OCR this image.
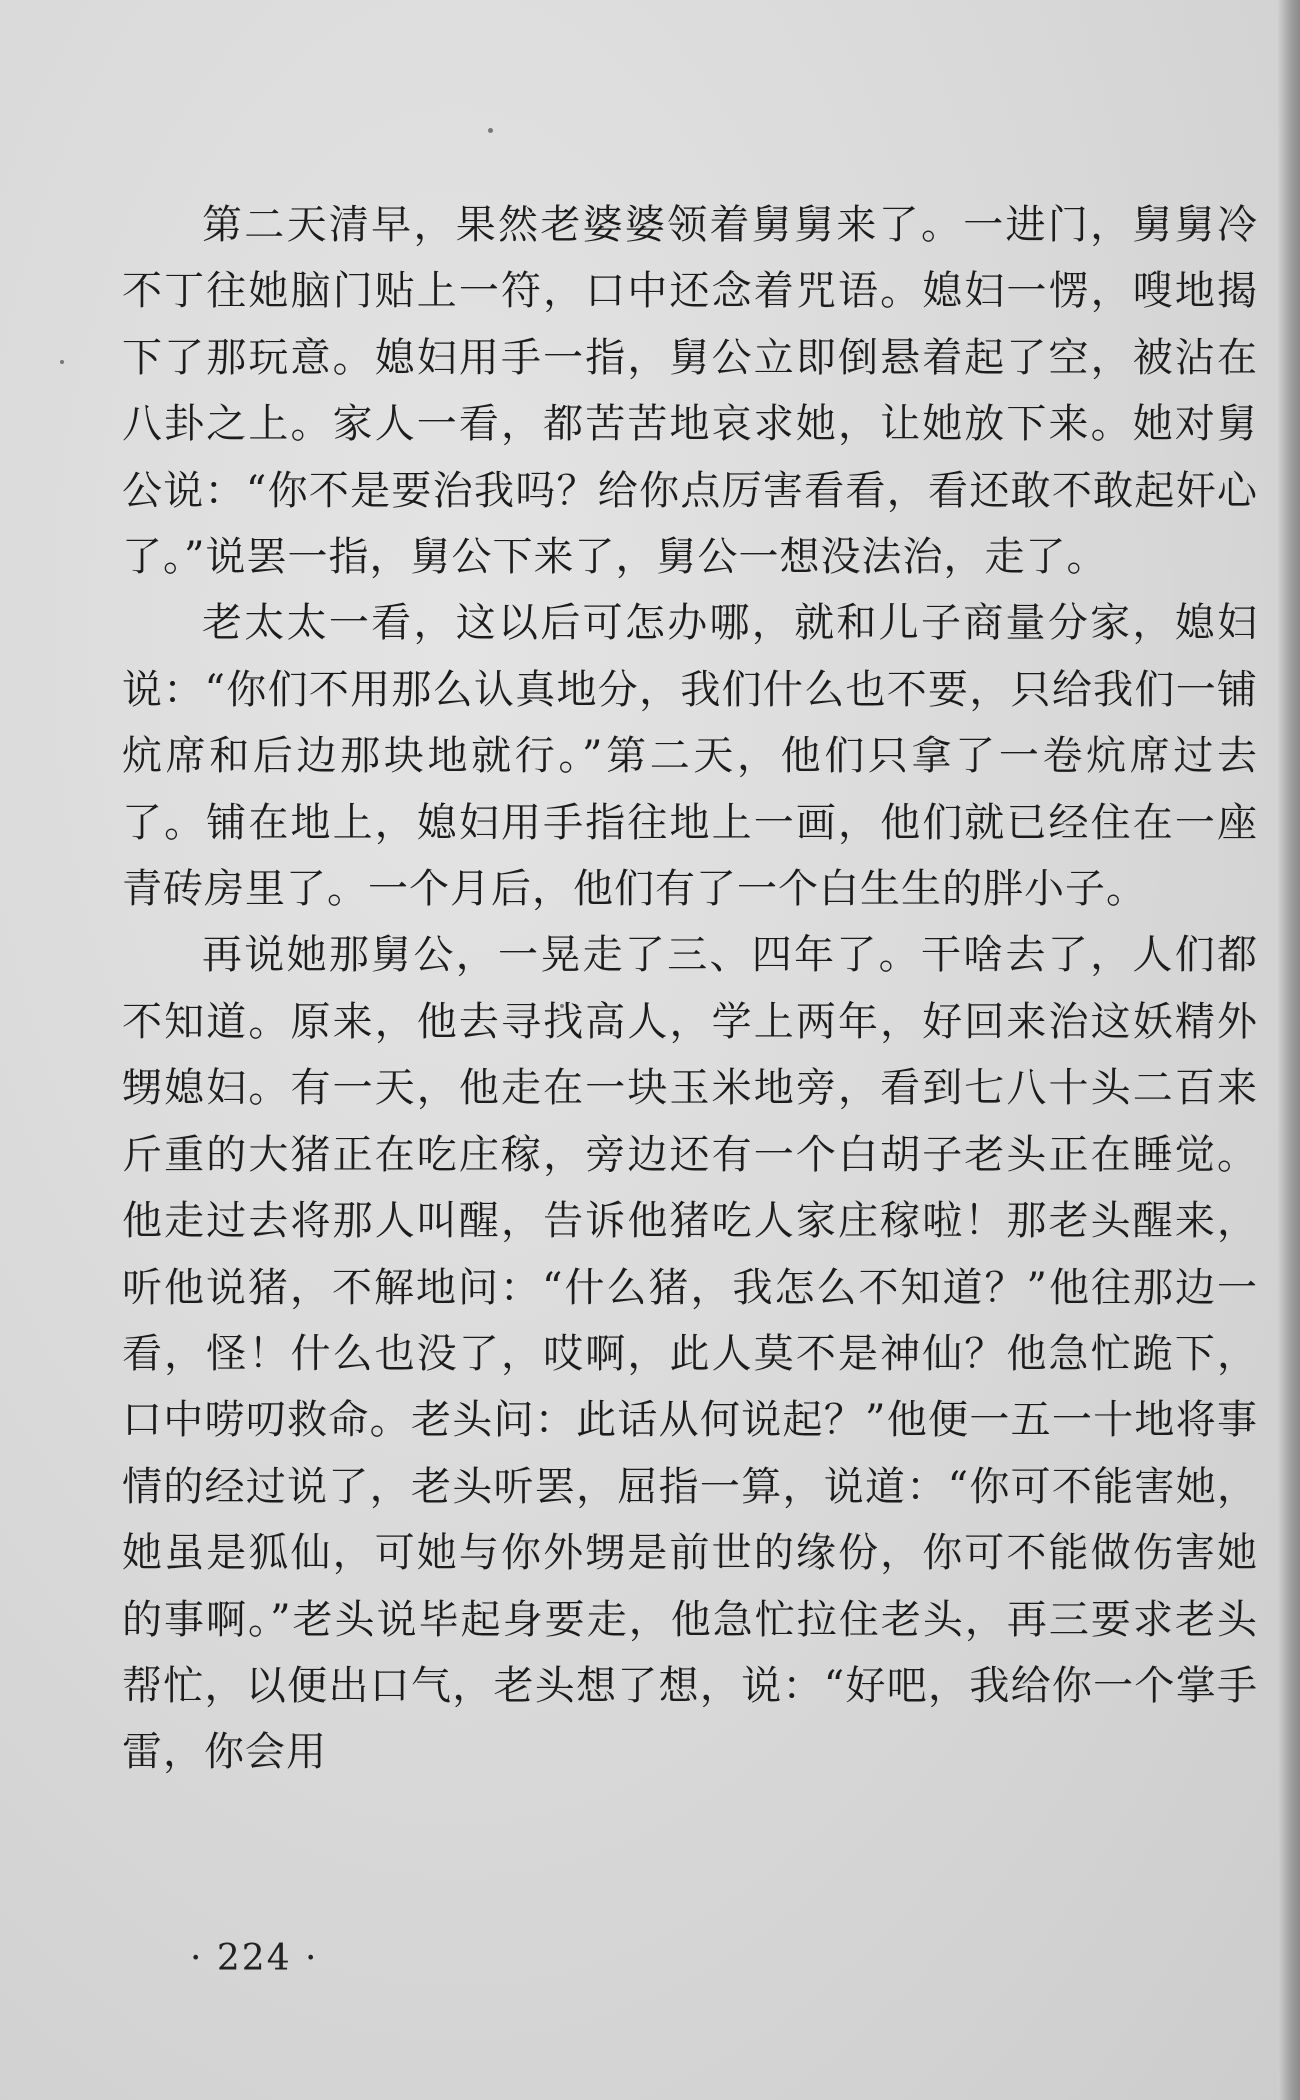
第二天清早，果然老婆婆领着舅舅来了。一进门，舅舅冷不丁往她脑门贴上一符，口中还念着咒语。媳妇一愣，嗖地揭下了那玩意。媳妇用手一指，舅公立即倒悬着起了空，被沾在八卦之上。家人一看，都苦苦地哀求她，让她放下来。她对舅公说：“你不是要治我吗？给你点厉害看看，看还敢不敢起奸心了。”说罢一指，舅公下来了，舅公一想没法治，走了。

老太太一看，这以后可怎办哪，就和儿子商量分家，媳妇说：“你们不用那么认真地分，我们什么也不要，只给我们一铺炕席和后边那块地就行。”第二天，他们只拿了一卷炕席过去了。铺在地上，媳妇用手指往地上一画，他们就已经住在一座青砖房里了。一个月后，他们有了一个白生生的胖小子。

再说她那舅公，一晃走了三、四年了。干啥去了，人们都不知道。原来，他去寻找高人，学上两年，好回来治这妖精外甥媳妇。有一天，他走在一块玉米地旁，看到七八十头二百来斤重的大猪正在吃庄稼，旁边还有一个白胡子老头正在睡觉。他走过去将那人叫醒，告诉他猪吃人家庄稼啦！那老头醒来，听他说猪，不解地问：“什么猪，我怎么不知道？”他往那边一看，怪！什么也没了，哎啊，此人莫不是神仙？他急忙跪下，口中唠叨救命。老头问：此话从何说起？”他便一五一十地将事情的经过说了，老头听罢，屈指一算，说道：“你可不能害她，她虽是狐仙，可她与你外甥是前世的缘份，你可不能做伤害她的事啊。”老头说毕起身要走，他急忙拉住老头，再三要求老头帮忙，以便出口气，老头想了想，说：“好吧，我给你一个掌手雷，你会用

· 224 ·
